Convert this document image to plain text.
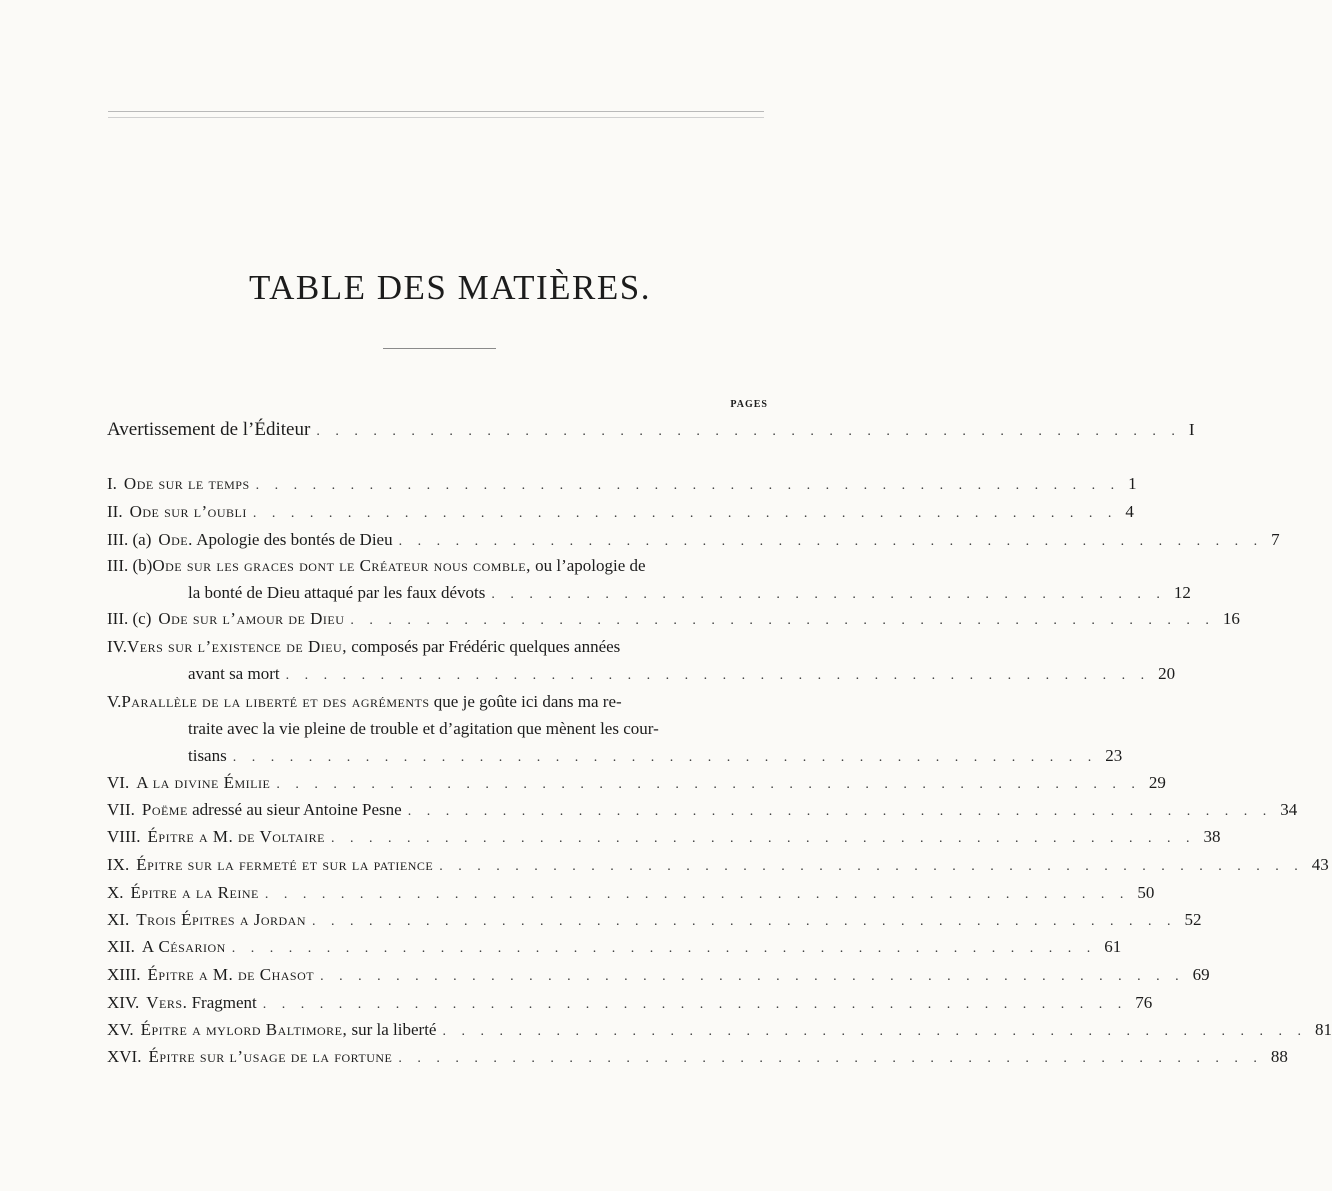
TABLE DES MATIÈRES.
PAGES
Avertissement de l’Éditeur . . . . . . . . . . . . . . . . . . . . . . . . . . . . . . . . . . . . . . . . . . . . . . I
I. Ode sur le temps . . . . . . . . . . . . . . . . . . . . . . . . . . . . . . . . . . . . . . . . . . . . . . 1
II. Ode sur l’oubli . . . . . . . . . . . . . . . . . . . . . . . . . . . . . . . . . . . . . . . . . . . . . . 4
III. (a) Ode. Apologie des bontés de Dieu . . . . . . . . . . . . . . . . . . . . . . . . . . . . . . . . . . . . . . . . . . . . . . 7
III. (b)Ode sur les graces dont le Créateur nous comble, ou l’apologie de
la bonté de Dieu attaqué par les faux dévots . . . . . . . . . . . . . . . . . . . . . . . . . . . . . . . . . . . . 12
III. (c) Ode sur l’amour de Dieu . . . . . . . . . . . . . . . . . . . . . . . . . . . . . . . . . . . . . . . . . . . . . . 16
IV.Vers sur l’existence de Dieu, composés par Frédéric quelques années
avant sa mort . . . . . . . . . . . . . . . . . . . . . . . . . . . . . . . . . . . . . . . . . . . . . . 20
V.Parallèle de la liberté et des agréments que je goûte ici dans ma re-
traite avec la vie pleine de trouble et d’agitation que mènent les cour-
tisans . . . . . . . . . . . . . . . . . . . . . . . . . . . . . . . . . . . . . . . . . . . . . . 23
VI. A la divine Émilie . . . . . . . . . . . . . . . . . . . . . . . . . . . . . . . . . . . . . . . . . . . . . . 29
VII. Poëme adressé au sieur Antoine Pesne . . . . . . . . . . . . . . . . . . . . . . . . . . . . . . . . . . . . . . . . . . . . . . 34
VIII. Épitre a M. de Voltaire . . . . . . . . . . . . . . . . . . . . . . . . . . . . . . . . . . . . . . . . . . . . . . 38
IX. Épitre sur la fermeté et sur la patience . . . . . . . . . . . . . . . . . . . . . . . . . . . . . . . . . . . . . . . . . . . . . . 43
X. Épitre a la Reine . . . . . . . . . . . . . . . . . . . . . . . . . . . . . . . . . . . . . . . . . . . . . . 50
XI. Trois Épitres a Jordan . . . . . . . . . . . . . . . . . . . . . . . . . . . . . . . . . . . . . . . . . . . . . . 52
XII. A Césarion . . . . . . . . . . . . . . . . . . . . . . . . . . . . . . . . . . . . . . . . . . . . . . 61
XIII. Épitre a M. de Chasot . . . . . . . . . . . . . . . . . . . . . . . . . . . . . . . . . . . . . . . . . . . . . . 69
XIV. Vers. Fragment . . . . . . . . . . . . . . . . . . . . . . . . . . . . . . . . . . . . . . . . . . . . . . 76
XV. Épitre a mylord Baltimore, sur la liberté . . . . . . . . . . . . . . . . . . . . . . . . . . . . . . . . . . . . . . . . . . . . . . 81
XVI. Épitre sur l’usage de la fortune . . . . . . . . . . . . . . . . . . . . . . . . . . . . . . . . . . . . . . . . . . . . . . 88
